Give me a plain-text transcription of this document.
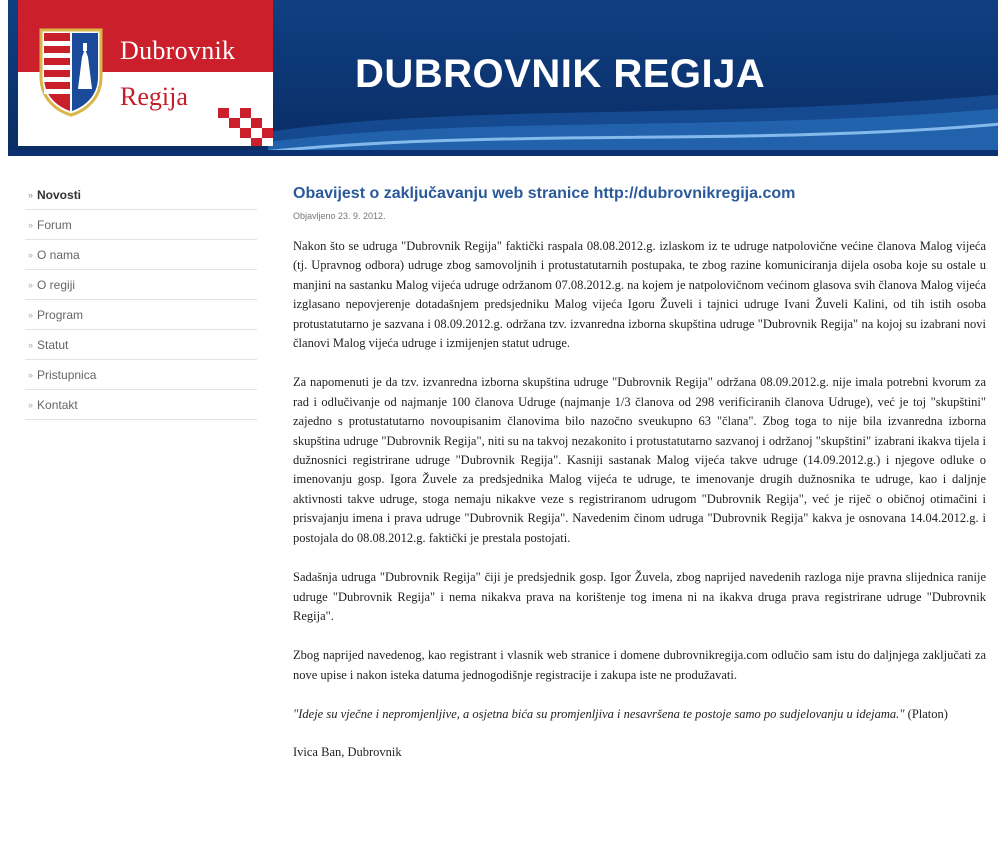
Dubrovnik
Regija
DUBROVNIK REGIJA
» Novosti
» Forum
» O nama
» O regiji
» Program
» Statut
» Pristupnica
» Kontakt
Obavijest o zaključavanju web stranice http://dubrovnikregija.com
Objavljeno 23. 9. 2012.

Nakon što se udruga "Dubrovnik Regija" faktički raspala 08.08.2012.g. izlaskom iz te udruge natpolovične većine članova Malog vijeća (tj. Upravnog odbora) udruge zbog samovoljnih i protustatutarnih postupaka, te zbog razine komuniciranja dijela osoba koje su ostale u manjini na sastanku Malog vijeća udruge održanom 07.08.2012.g. na kojem je natpolovičnom većinom glasova svih članova Malog vijeća izglasano nepovjerenje dotadašnjem predsjedniku Malog vijeća Igoru Žuveli i tajnici udruge Ivani Žuveli Kalini, od tih istih osoba protustatutarno je sazvana i 08.09.2012.g. održana tzv. izvanredna izborna skupština udruge "Dubrovnik Regija" na kojoj su izabrani novi članovi Malog vijeća udruge i izmijenjen statut udruge.

Za napomenuti je da tzv. izvanredna izborna skupština udruge "Dubrovnik Regija" održana 08.09.2012.g. nije imala potrebni kvorum za rad i odlučivanje od najmanje 100 članova Udruge (najmanje 1/3 članova od 298 verificiranih članova Udruge), već je toj "skupštini" zajedno s protustatutarno novoupisanim članovima bilo nazočno sveukupno 63 "člana". Zbog toga to nije bila izvanredna izborna skupština udruge "Dubrovnik Regija", niti su na takvoj nezakonito i protustatutarno sazvanoj i održanoj "skupštini" izabrani ikakva tijela i dužnosnici registrirane udruge "Dubrovnik Regija". Kasniji sastanak Malog vijeća takve udruge (14.09.2012.g.) i njegove odluke o imenovanju gosp. Igora Žuvele za predsjednika Malog vijeća te udruge, te imenovanje drugih dužnosnika te udruge, kao i daljnje aktivnosti takve udruge, stoga nemaju nikakve veze s registriranom udrugom "Dubrovnik Regija", već je riječ o običnoj otimačini i prisvajanju imena i prava udruge "Dubrovnik Regija". Navedenim činom udruga "Dubrovnik Regija" kakva je osnovana 14.04.2012.g. i postojala do 08.08.2012.g. faktički je prestala postojati.

Sadašnja udruga "Dubrovnik Regija" čiji je predsjednik gosp. Igor Žuvela, zbog naprijed navedenih razloga nije pravna slijednica ranije udruge "Dubrovnik Regija" i nema nikakva prava na korištenje tog imena ni na ikakva druga prava registrirane udruge "Dubrovnik Regija".

Zbog naprijed navedenog, kao registrant i vlasnik web stranice i domene dubrovnikregija.com odlučio sam istu do daljnjega zaključati za nove upise i nakon isteka datuma jednogodišnje registracije i zakupa iste ne produžavati.

"Ideje su vječne i nepromjenljive, a osjetna bića su promjenljiva i nesavršena te postoje samo po sudjelovanju u idejama." (Platon)

Ivica Ban, Dubrovnik
